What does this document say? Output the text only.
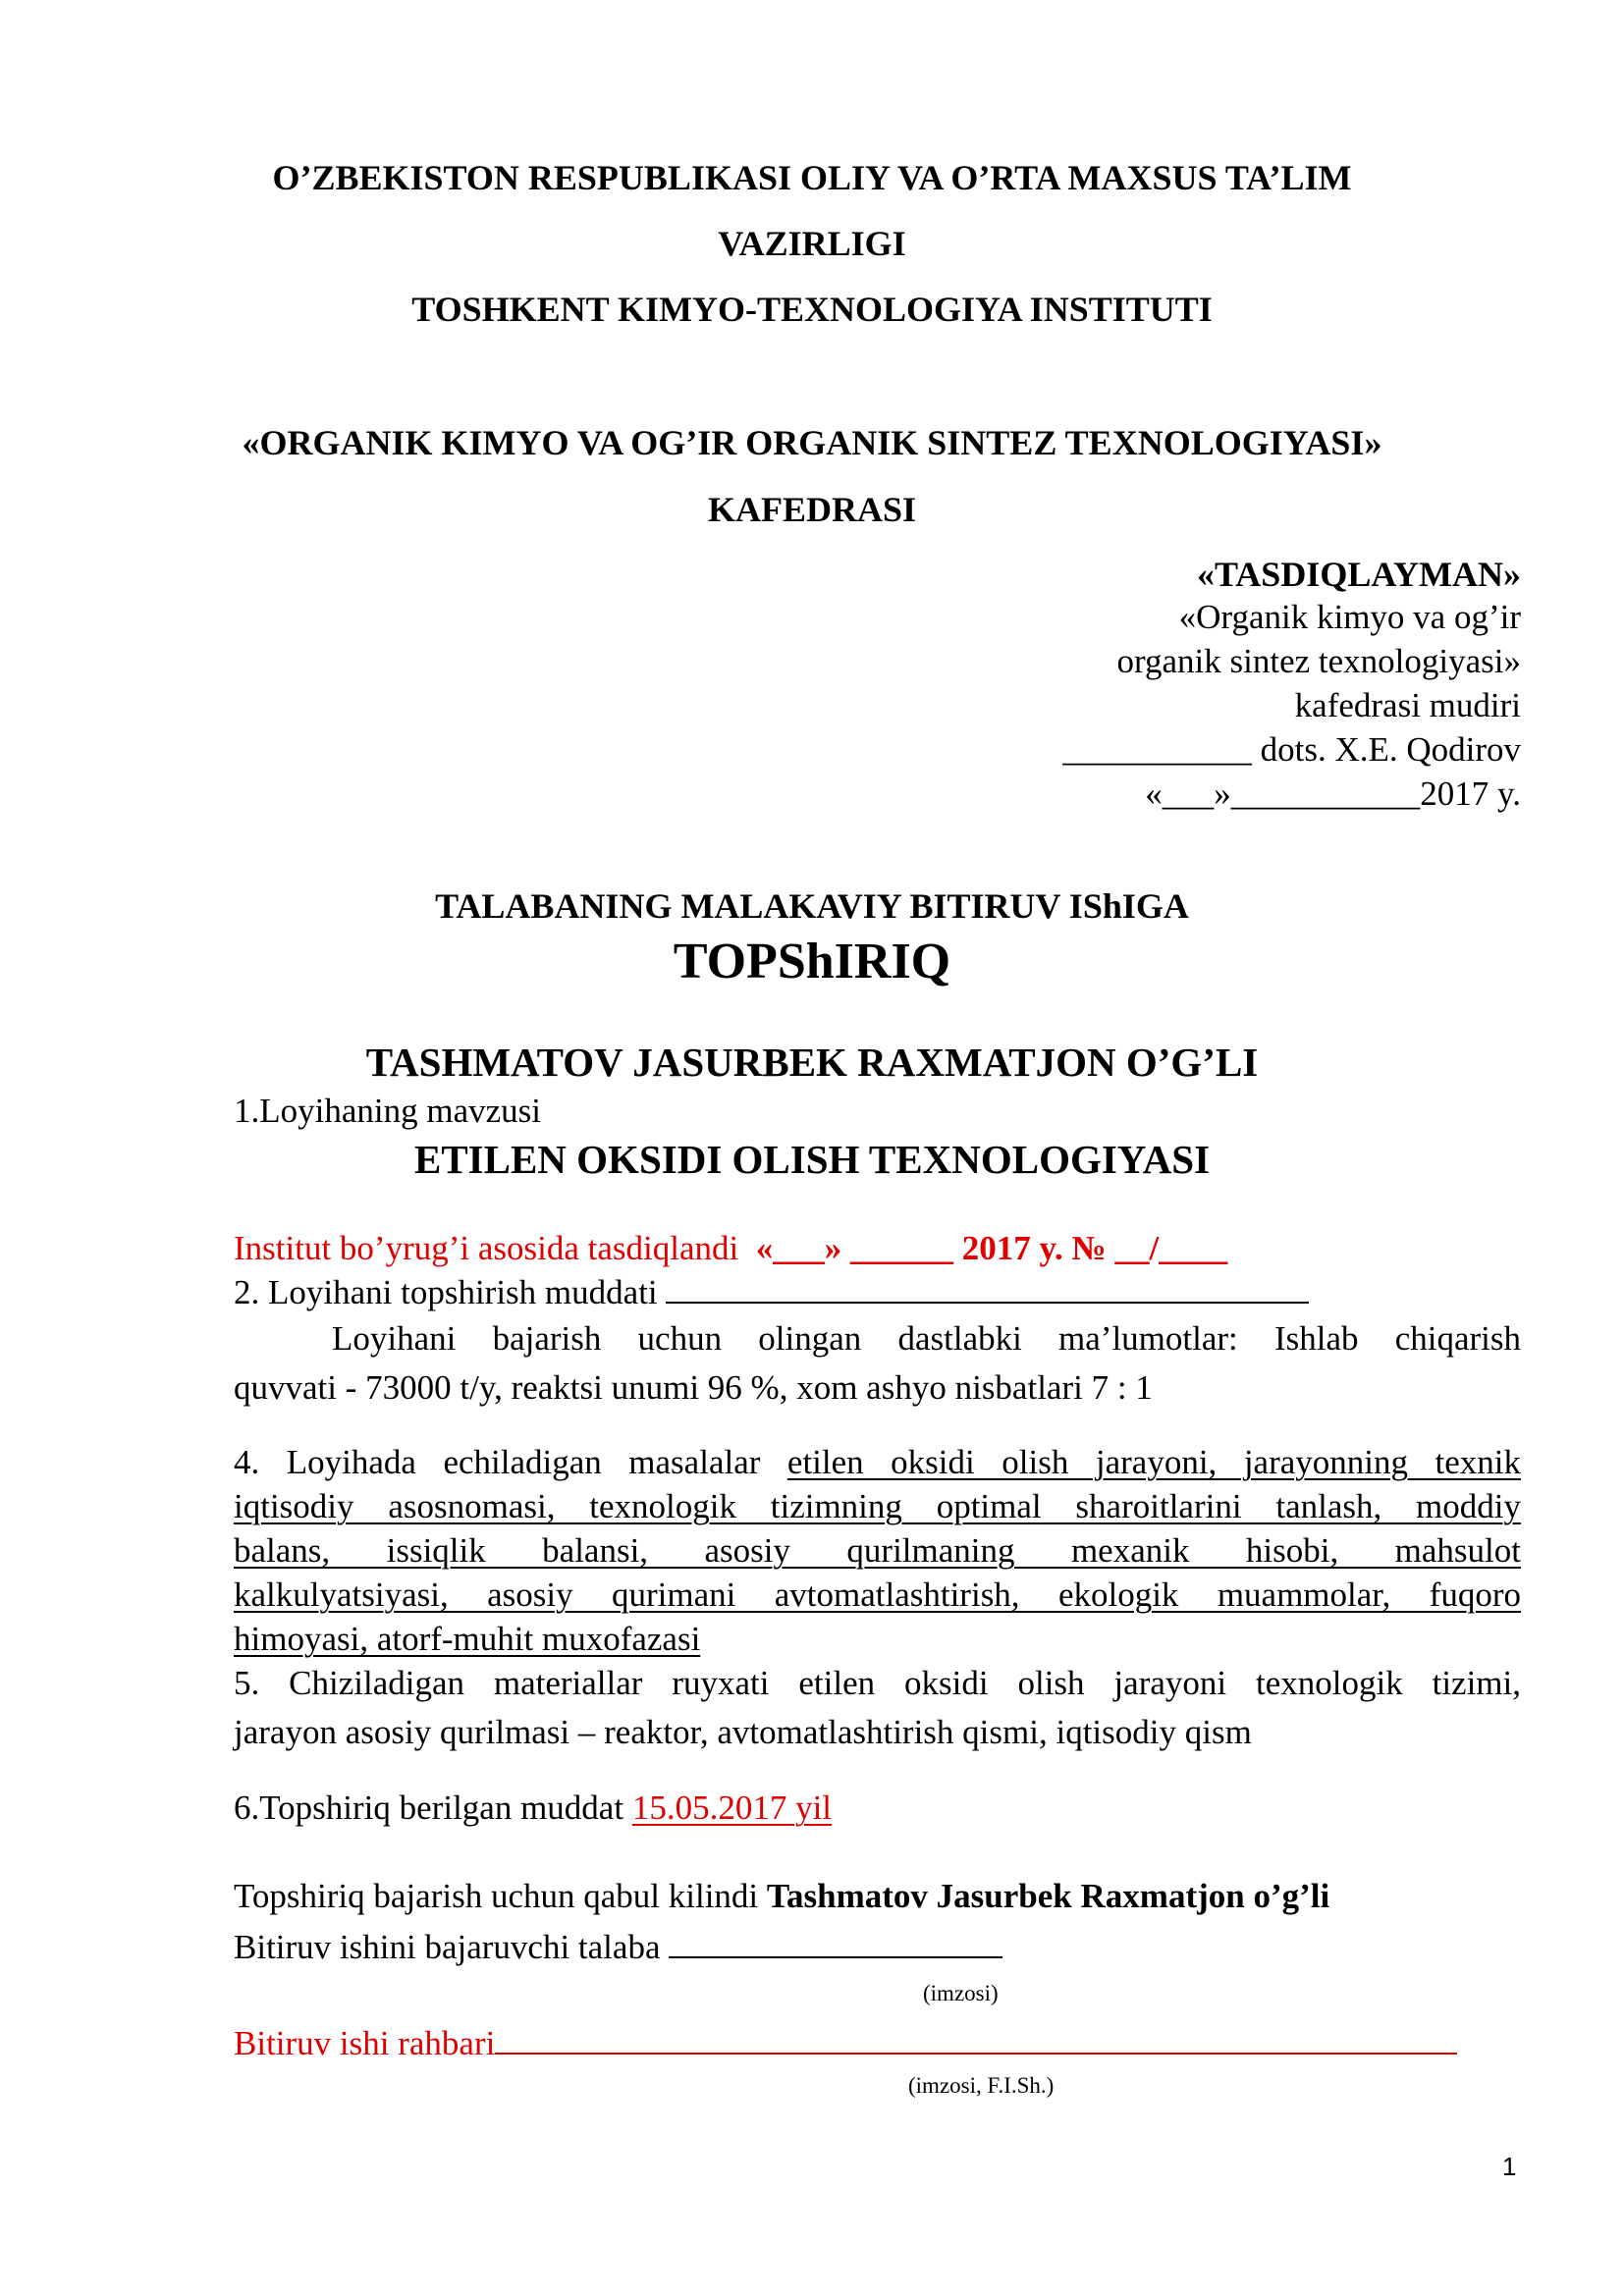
O’ZBEKISTON RESPUBLIKASI OLIY VA O’RTA MAXSUS TA’LIM
VAZIRLIGI
TOSHKENT KIMYO-TEXNOLOGIYA INSTITUTI
«ORGANIK KIMYO VA OG’IR ORGANIK SINTEZ TEXNOLOGIYASI»
KAFEDRASI
«TASDIQLAYMAN»
«Organik kimyo va og’ir
organik sintez texnologiyasi»
kafedrasi mudiri
___________ dots. X.E. Qodirov
«___»___________2017 y.
TALABANING MALAKAVIY BITIRUV IShIGA
TOPShIRIQ
TASHMATOV JASURBEK RAXMATJON O’G’LI
1.Loyihaning mavzusi
ETILEN OKSIDI OLISH TEXNOLOGIYASI
Institut bo’yrug’i asosida tasdiqlandi «___» ______ 2017 y. № __/____
2. Loyihani topshirish muddati
Loyihani bajarish uchun olingan dastlabki ma’lumotlar: Ishlab chiqarish
quvvati - 73000 t/y, reaktsi unumi 96 %, xom ashyo nisbatlari 7 : 1
4. Loyihada echiladigan masalalar etilen oksidi olish jarayoni, jarayonning texnik
iqtisodiy asosnomasi, texnologik tizimning optimal sharoitlarini tanlash, moddiy
balans, issiqlik balansi, asosiy qurilmaning mexanik hisobi, mahsulot
kalkulyatsiyasi, asosiy qurimani avtomatlashtirish, ekologik muammolar, fuqoro
himoyasi, atorf-muhit muxofazasi
5. Chiziladigan materiallar ruyxati etilen oksidi olish jarayoni texnologik tizimi,
jarayon asosiy qurilmasi – reaktor, avtomatlashtirish qismi, iqtisodiy qism
6.Topshiriq berilgan muddat 15.05.2017 yil
Topshiriq bajarish uchun qabul kilindi Tashmatov Jasurbek Raxmatjon o’g’li
Bitiruv ishini bajaruvchi talaba
(imzosi)
Bitiruv ishi rahbari
(imzosi, F.I.Sh.)
1
